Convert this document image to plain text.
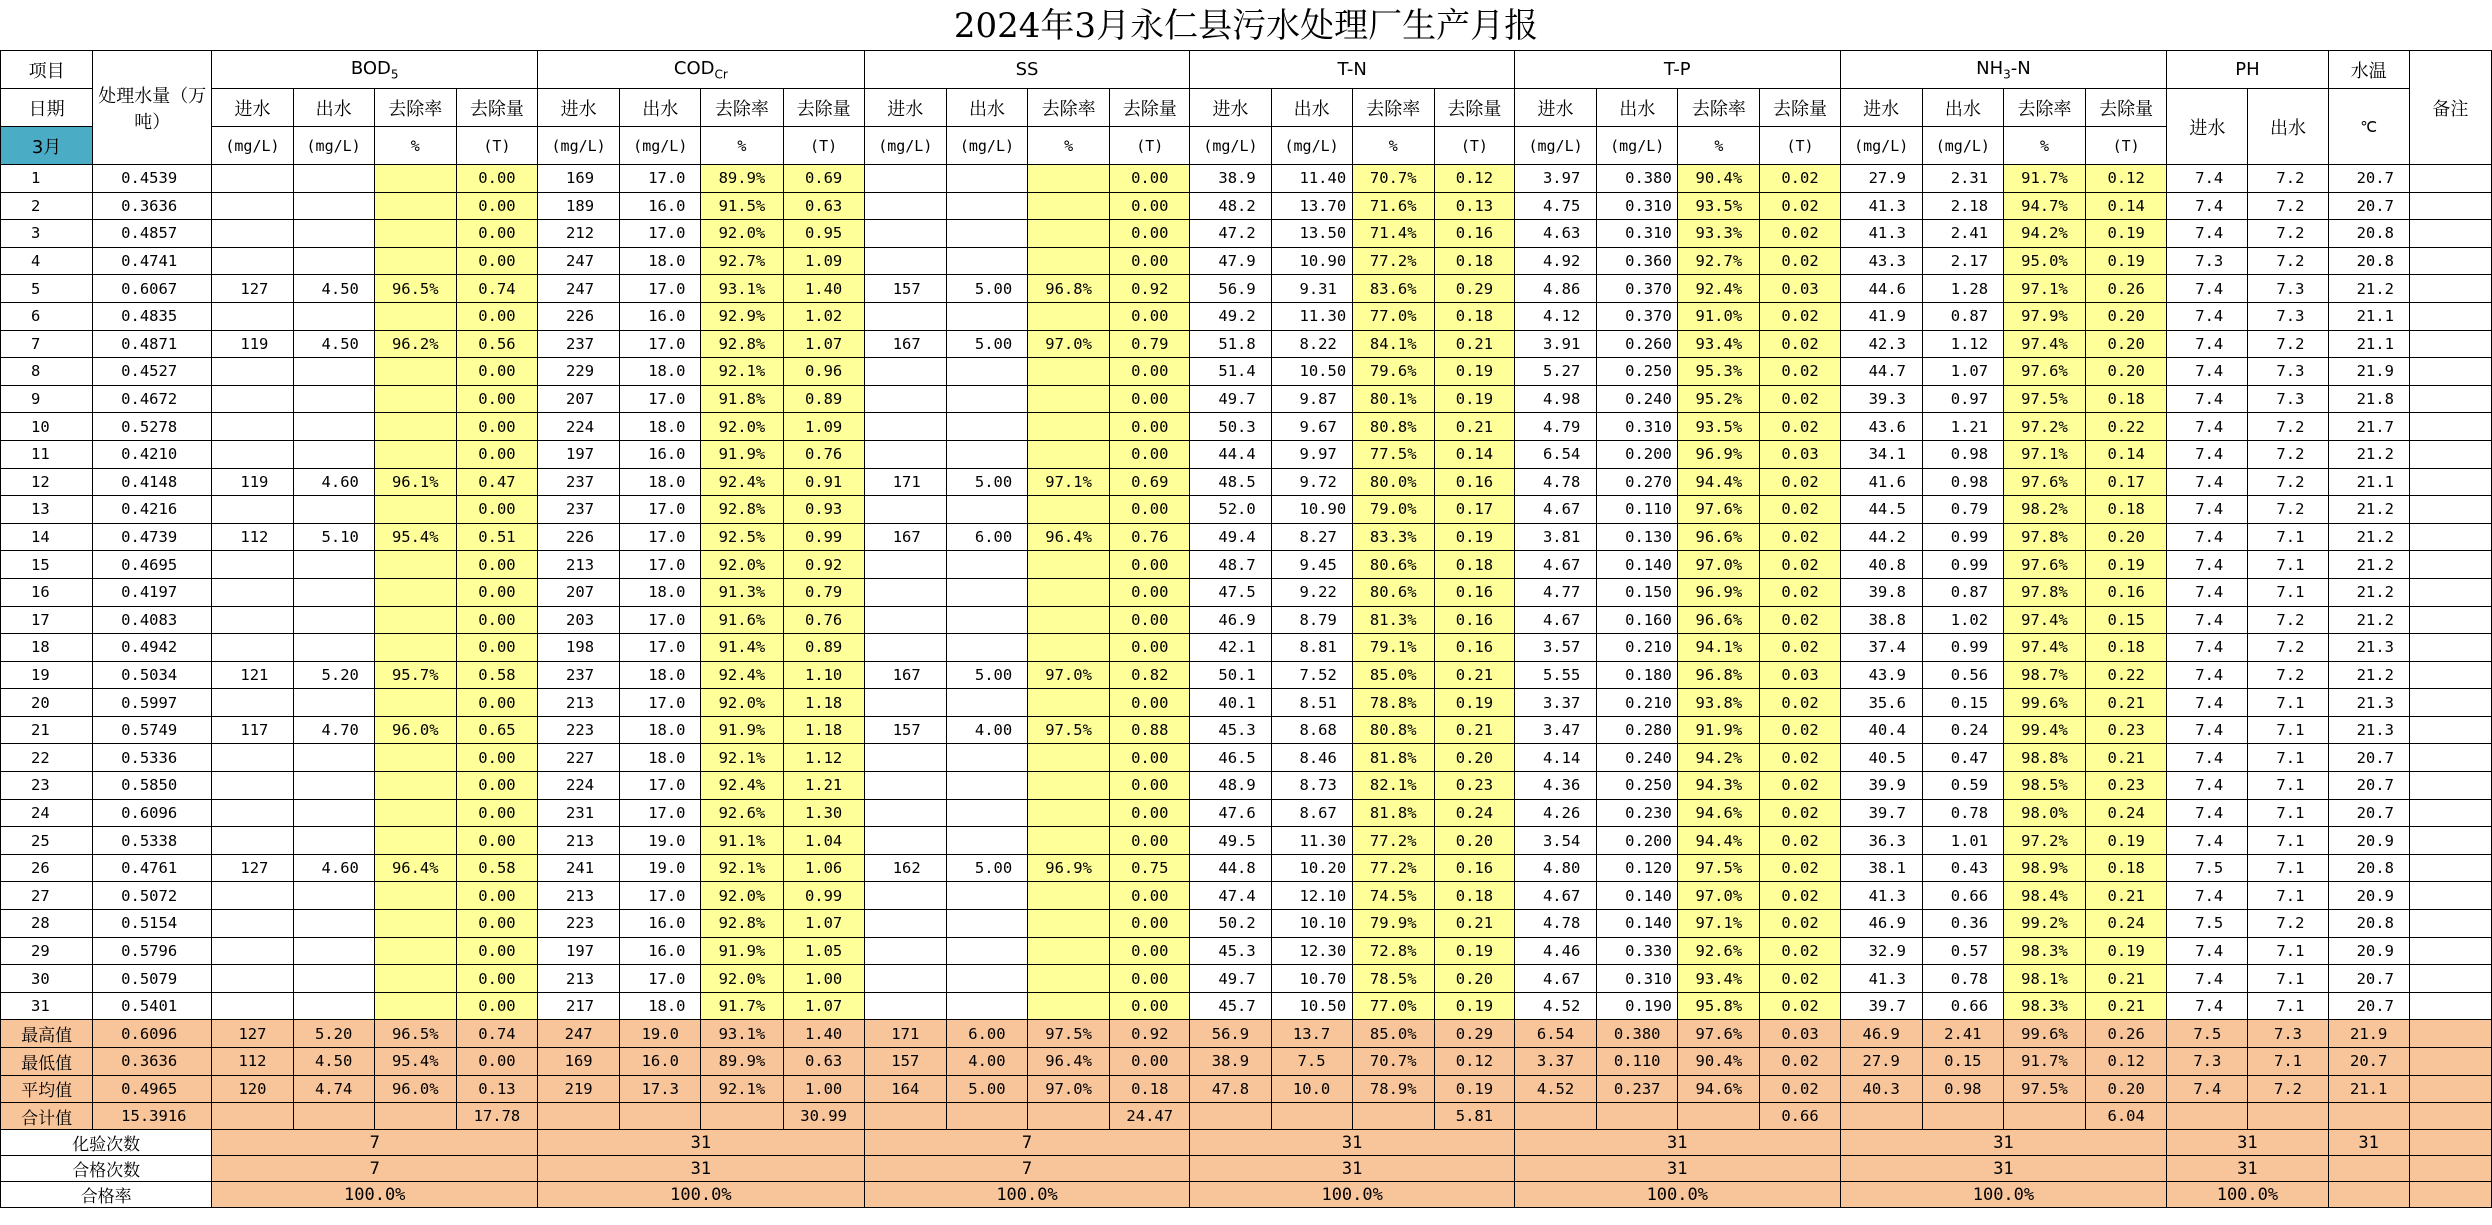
2024年3月永仁县污水处理厂生产月报
项目	处理水量（万吨）	$BOD_5$				$COD_{Cr}$				SS				T-N				T-P				$NH_3-N$				PH		水温	备注
日期		进水	出水	去除率	去除量	进水	出水	去除率	去除量	进水	出水	去除率	去除量	进水	出水	去除率	去除量	进水	出水	去除率	去除量	进水	出水	去除率	去除量	进水	出水	℃	
3月		(mg/L)	(mg/L)	%	(T)	(mg/L)	(mg/L)	%	(T)	(mg/L)	(mg/L)	%	(T)	(mg/L)	(mg/L)	%	(T)	(mg/L)	(mg/L)	%	(T)	(mg/L)	(mg/L)	%	(T)				
1	0.4539				0.00	169	17.0	89.9%	0.69				0.00	38.9	11.40	70.7%	0.12	3.97	0.380	90.4%	0.02	27.9	2.31	91.7%	0.12	7.4	7.2	20.7	
2	0.3636				0.00	189	16.0	91.5%	0.63				0.00	48.2	13.70	71.6%	0.13	4.75	0.310	93.5%	0.02	41.3	2.18	94.7%	0.14	7.4	7.2	20.7	
3	0.4857				0.00	212	17.0	92.0%	0.95				0.00	47.2	13.50	71.4%	0.16	4.63	0.310	93.3%	0.02	41.3	2.41	94.2%	0.19	7.4	7.2	20.8	
4	0.4741				0.00	247	18.0	92.7%	1.09				0.00	47.9	10.90	77.2%	0.18	4.92	0.360	92.7%	0.02	43.3	2.17	95.0%	0.19	7.3	7.2	20.8	
5	0.6067	127	4.50	96.5%	0.74	247	17.0	93.1%	1.40	157	5.00	96.8%	0.92	56.9	9.31	83.6%	0.29	4.86	0.370	92.4%	0.03	44.6	1.28	97.1%	0.26	7.4	7.3	21.2	
6	0.4835				0.00	226	16.0	92.9%	1.02				0.00	49.2	11.30	77.0%	0.18	4.12	0.370	91.0%	0.02	41.9	0.87	97.9%	0.20	7.4	7.3	21.1	
7	0.4871	119	4.50	96.2%	0.56	237	17.0	92.8%	1.07	167	5.00	97.0%	0.79	51.8	8.22	84.1%	0.21	3.91	0.260	93.4%	0.02	42.3	1.12	97.4%	0.20	7.4	7.2	21.1	
8	0.4527				0.00	229	18.0	92.1%	0.96				0.00	51.4	10.50	79.6%	0.19	5.27	0.250	95.3%	0.02	44.7	1.07	97.6%	0.20	7.4	7.3	21.9	
9	0.4672				0.00	207	17.0	91.8%	0.89				0.00	49.7	9.87	80.1%	0.19	4.98	0.240	95.2%	0.02	39.3	0.97	97.5%	0.18	7.4	7.3	21.8	
10	0.5278				0.00	224	18.0	92.0%	1.09				0.00	50.3	9.67	80.8%	0.21	4.79	0.310	93.5%	0.02	43.6	1.21	97.2%	0.22	7.4	7.2	21.7	
11	0.4210				0.00	197	16.0	91.9%	0.76				0.00	44.4	9.97	77.5%	0.14	6.54	0.200	96.9%	0.03	34.1	0.98	97.1%	0.14	7.4	7.2	21.2	
12	0.4148	119	4.60	96.1%	0.47	237	18.0	92.4%	0.91	171	5.00	97.1%	0.69	48.5	9.72	80.0%	0.16	4.78	0.270	94.4%	0.02	41.6	0.98	97.6%	0.17	7.4	7.2	21.1	
13	0.4216				0.00	237	17.0	92.8%	0.93				0.00	52.0	10.90	79.0%	0.17	4.67	0.110	97.6%	0.02	44.5	0.79	98.2%	0.18	7.4	7.2	21.2	
14	0.4739	112	5.10	95.4%	0.51	226	17.0	92.5%	0.99	167	6.00	96.4%	0.76	49.4	8.27	83.3%	0.19	3.81	0.130	96.6%	0.02	44.2	0.99	97.8%	0.20	7.4	7.1	21.2	
15	0.4695				0.00	213	17.0	92.0%	0.92				0.00	48.7	9.45	80.6%	0.18	4.67	0.140	97.0%	0.02	40.8	0.99	97.6%	0.19	7.4	7.1	21.2	
16	0.4197				0.00	207	18.0	91.3%	0.79				0.00	47.5	9.22	80.6%	0.16	4.77	0.150	96.9%	0.02	39.8	0.87	97.8%	0.16	7.4	7.1	21.2	
17	0.4083				0.00	203	17.0	91.6%	0.76				0.00	46.9	8.79	81.3%	0.16	4.67	0.160	96.6%	0.02	38.8	1.02	97.4%	0.15	7.4	7.2	21.2	
18	0.4942				0.00	198	17.0	91.4%	0.89				0.00	42.1	8.81	79.1%	0.16	3.57	0.210	94.1%	0.02	37.4	0.99	97.4%	0.18	7.4	7.2	21.3	
19	0.5034	121	5.20	95.7%	0.58	237	18.0	92.4%	1.10	167	5.00	97.0%	0.82	50.1	7.52	85.0%	0.21	5.55	0.180	96.8%	0.03	43.9	0.56	98.7%	0.22	7.4	7.2	21.2	
20	0.5997				0.00	213	17.0	92.0%	1.18				0.00	40.1	8.51	78.8%	0.19	3.37	0.210	93.8%	0.02	35.6	0.15	99.6%	0.21	7.4	7.1	21.3	
21	0.5749	117	4.70	96.0%	0.65	223	18.0	91.9%	1.18	157	4.00	97.5%	0.88	45.3	8.68	80.8%	0.21	3.47	0.280	91.9%	0.02	40.4	0.24	99.4%	0.23	7.4	7.1	21.3	
22	0.5336				0.00	227	18.0	92.1%	1.12				0.00	46.5	8.46	81.8%	0.20	4.14	0.240	94.2%	0.02	40.5	0.47	98.8%	0.21	7.4	7.1	20.7	
23	0.5850				0.00	224	17.0	92.4%	1.21				0.00	48.9	8.73	82.1%	0.23	4.36	0.250	94.3%	0.02	39.9	0.59	98.5%	0.23	7.4	7.1	20.7	
24	0.6096				0.00	231	17.0	92.6%	1.30				0.00	47.6	8.67	81.8%	0.24	4.26	0.230	94.6%	0.02	39.7	0.78	98.0%	0.24	7.4	7.1	20.7	
25	0.5338				0.00	213	19.0	91.1%	1.04				0.00	49.5	11.30	77.2%	0.20	3.54	0.200	94.4%	0.02	36.3	1.01	97.2%	0.19	7.4	7.1	20.9	
26	0.4761	127	4.60	96.4%	0.58	241	19.0	92.1%	1.06	162	5.00	96.9%	0.75	44.8	10.20	77.2%	0.16	4.80	0.120	97.5%	0.02	38.1	0.43	98.9%	0.18	7.5	7.1	20.8	
27	0.5072				0.00	213	17.0	92.0%	0.99				0.00	47.4	12.10	74.5%	0.18	4.67	0.140	97.0%	0.02	41.3	0.66	98.4%	0.21	7.4	7.1	20.9	
28	0.5154				0.00	223	16.0	92.8%	1.07				0.00	50.2	10.10	79.9%	0.21	4.78	0.140	97.1%	0.02	46.9	0.36	99.2%	0.24	7.5	7.2	20.8	
29	0.5796				0.00	197	16.0	91.9%	1.05				0.00	45.3	12.30	72.8%	0.19	4.46	0.330	92.6%	0.02	32.9	0.57	98.3%	0.19	7.4	7.1	20.9	
30	0.5079				0.00	213	17.0	92.0%	1.00				0.00	49.7	10.70	78.5%	0.20	4.67	0.310	93.4%	0.02	41.3	0.78	98.1%	0.21	7.4	7.1	20.7	
31	0.5401				0.00	217	18.0	91.7%	1.07				0.00	45.7	10.50	77.0%	0.19	4.52	0.190	95.8%	0.02	39.7	0.66	98.3%	0.21	7.4	7.1	20.7	
最高值	0.6096	127	5.20	96.5%	0.74	247	19.0	93.1%	1.40	171	6.00	97.5%	0.92	56.9	13.7	85.0%	0.29	6.54	0.380	97.6%	0.03	46.9	2.41	99.6%	0.26	7.5	7.3	21.9	
最低值	0.3636	112	4.50	95.4%	0.00	169	16.0	89.9%	0.63	157	4.00	96.4%	0.00	38.9	7.5	70.7%	0.12	3.37	0.110	90.4%	0.02	27.9	0.15	91.7%	0.12	7.3	7.1	20.7	
平均值	0.4965	120	4.74	96.0%	0.13	219	17.3	92.1%	1.00	164	5.00	97.0%	0.18	47.8	10.0	78.9%	0.19	4.52	0.237	94.6%	0.02	40.3	0.98	97.5%	0.20	7.4	7.2	21.1	
合计值	15.3916				17.78				30.99				24.47				5.81				0.66				6.04				
化验次数		7				31				7				31				31				31				31		31	
合格次数		7				31				7				31				31				31				31			
合格率		100.0%				100.0%				100.0%				100.0%				100.0%				100.0%				100.0%			
